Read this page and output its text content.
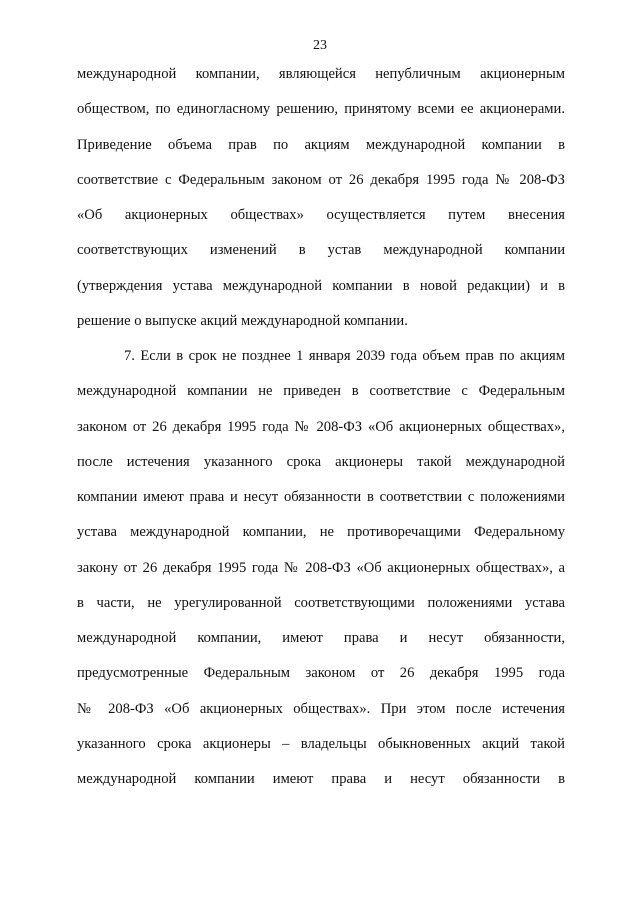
23
международной компании, являющейся непубличным акционерным
обществом, по единогласному решению, принятому всеми ее акционерами.
Приведение объема прав по акциям международной компании в
соответствие с Федеральным законом от 26 декабря 1995 года № 208-ФЗ
«Об акционерных обществах» осуществляется путем внесения
соответствующих изменений в устав международной компании
(утверждения устава международной компании в новой редакции) и в
решение о выпуске акций международной компании.
7. Если в срок не позднее 1 января 2039 года объем прав по акциям
международной компании не приведен в соответствие с Федеральным
законом от 26 декабря 1995 года № 208-ФЗ «Об акционерных обществах»,
после истечения указанного срока акционеры такой международной
компании имеют права и несут обязанности в соответствии с положениями
устава международной компании, не противоречащими Федеральному
закону от 26 декабря 1995 года № 208-ФЗ «Об акционерных обществах», а
в части, не урегулированной соответствующими положениями устава
международной компании, имеют права и несут обязанности,
предусмотренные Федеральным законом от 26 декабря 1995 года
№ 208-ФЗ «Об акционерных обществах». При этом после истечения
указанного срока акционеры – владельцы обыкновенных акций такой
международной компании имеют права и несут обязанности в
